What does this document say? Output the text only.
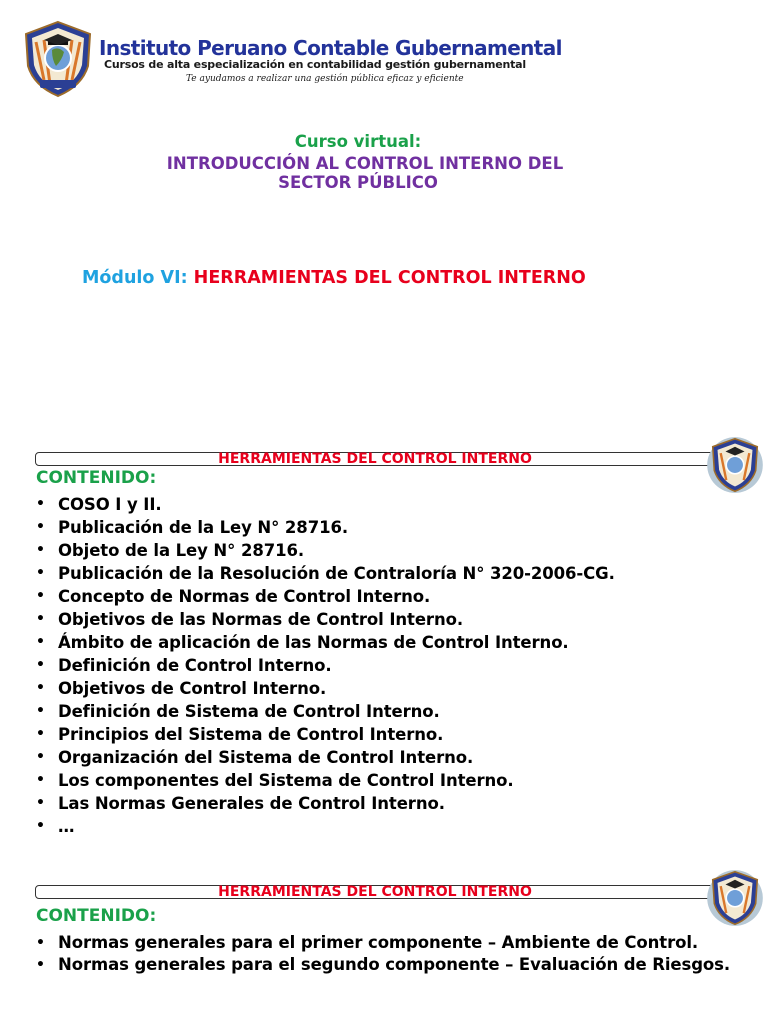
Instituto Peruano Contable Gubernamental
Cursos de alta especialización en contabilidad gestión gubernamental
Te ayudamos a realizar una gestión pública eficaz y eficiente
Curso virtual:
INTRODUCCIÓN AL CONTROL INTERNO DEL
SECTOR PÚBLICO
Módulo VI: HERRAMIENTAS DEL CONTROL INTERNO
HERRAMIENTAS DEL CONTROL INTERNO
CONTENIDO:
• COSO I y II.
• Publicación de la Ley N° 28716.
• Objeto de la Ley N° 28716.
• Publicación de la Resolución de Contraloría N° 320-2006-CG.
• Concepto de Normas de Control Interno.
• Objetivos de las Normas de Control Interno.
• Ámbito de aplicación de las Normas de Control Interno.
• Definición de Control Interno.
• Objetivos de Control Interno.
• Definición de Sistema de Control Interno.
• Principios del Sistema de Control Interno.
• Organización del Sistema de Control Interno.
• Los componentes del Sistema de Control Interno.
• Las Normas Generales de Control Interno.
• …
HERRAMIENTAS DEL CONTROL INTERNO
CONTENIDO:
• Normas generales para el primer componente – Ambiente de Control.
• Normas generales para el segundo componente – Evaluación de Riesgos.
